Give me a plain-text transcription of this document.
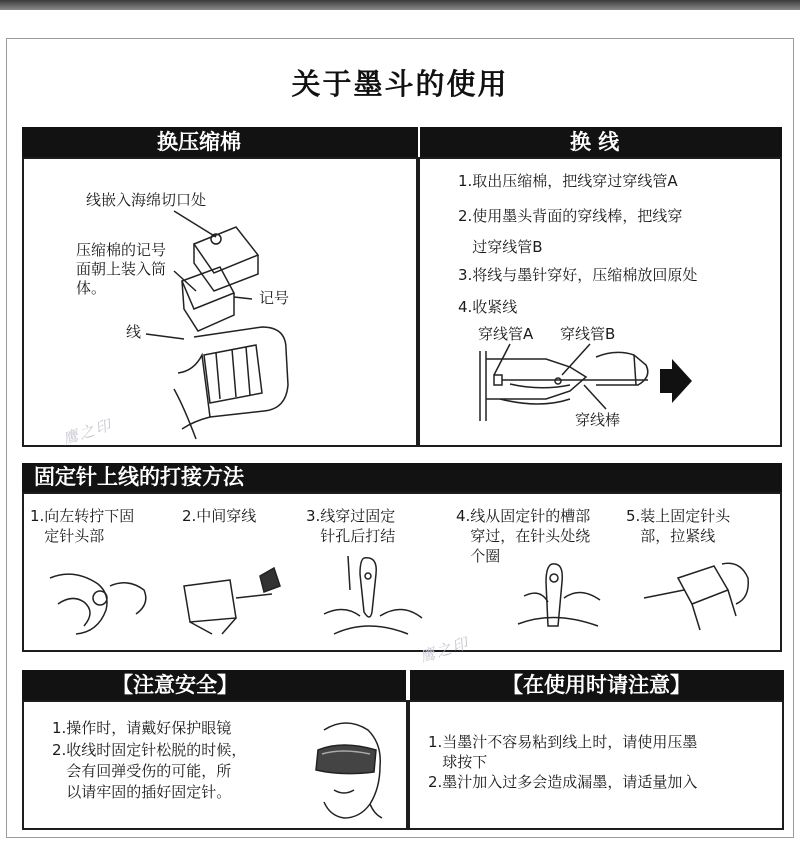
关于墨斗的使用
换压缩棉
线嵌入海绵切口处
压缩棉的记号
面朝上装入筒
体。
记号
线
鹰之印
换 线
1.取出压缩棉，把线穿过穿线管A
2.使用墨头背面的穿线棒，把线穿
过穿线管B
3.将线与墨针穿好，压缩棉放回原处
4.收紧线
穿线管A 穿线管B
穿线棒
固定针上线的打接方法
1.向左转拧下固
定针头部
2.中间穿线	3.线穿过固定
针孔后打结
4.线从固定针的槽部
穿过，在针头处绕
个圈
5.装上固定针头
部，拉紧线
鹰之印
【注意安全】
1.操作时，请戴好保护眼镜
2.收线时固定针松脱的时候，
会有回弹受伤的可能，所
以请牢固的插好固定针。
【在使用时请注意】
1.当墨汁不容易粘到线上时，请使用压墨
球按下
2.墨汁加入过多会造成漏墨，请适量加入
